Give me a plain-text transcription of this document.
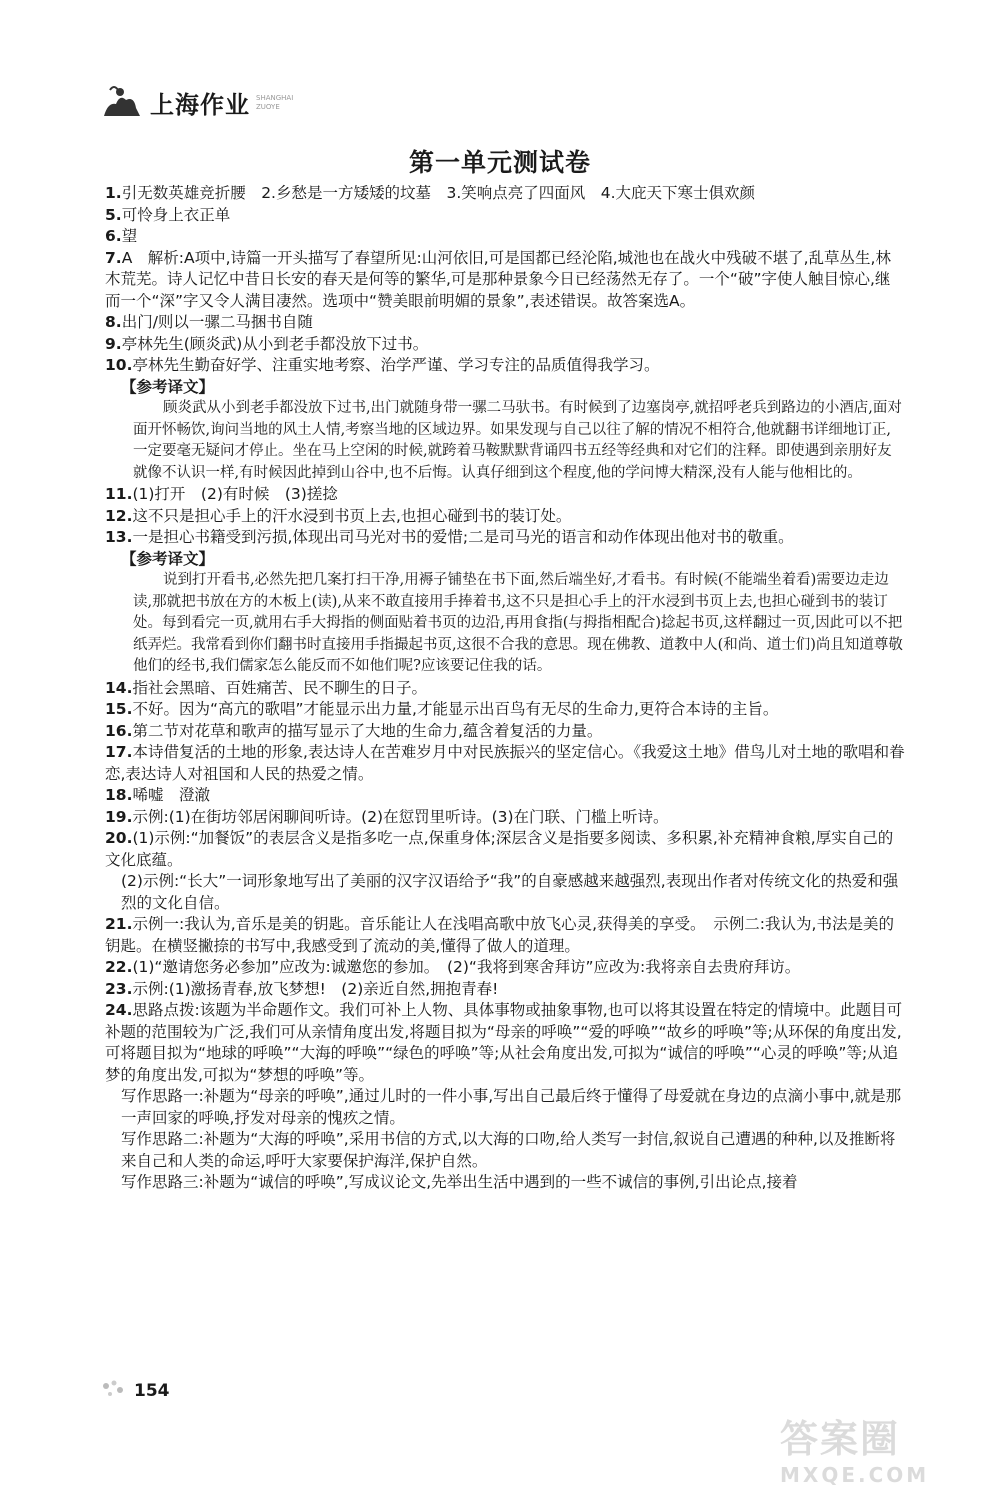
上海作业 SHANGHAI ZUOYE
第一单元测试卷
1.引无数英雄竞折腰　2.乡愁是一方矮矮的坟墓　3.笑响点亮了四面风　4.大庇天下寒士俱欢颜
5.可怜身上衣正单
6.望
7.A　解析:A项中,诗篇一开头描写了春望所见:山河依旧,可是国都已经沦陷,城池也在战火中残破不堪了,乱草丛生,林木荒芜。诗人记忆中昔日长安的春天是何等的繁华,可是那种景象今日已经荡然无存了。一个“破”字使人触目惊心,继而一个“深”字又令人满目凄然。选项中“赞美眼前明媚的景象”,表述错误。故答案选A。
8.出门/则以一骡二马捆书自随
9.亭林先生(顾炎武)从小到老手都没放下过书。
10.亭林先生勤奋好学、注重实地考察、治学严谨、学习专注的品质值得我学习。
【参考译文】
顾炎武从小到老手都没放下过书,出门就随身带一骡二马驮书。有时候到了边塞岗亭,就招呼老兵到路边的小酒店,面对面开怀畅饮,询问当地的风土人情,考察当地的区域边界。如果发现与自己以往了解的情况不相符合,他就翻书详细地订正,一定要毫无疑问才停止。坐在马上空闲的时候,就跨着马鞍默默背诵四书五经等经典和对它们的注释。即使遇到亲朋好友就像不认识一样,有时候因此掉到山谷中,也不后悔。认真仔细到这个程度,他的学问博大精深,没有人能与他相比的。
11.(1)打开　(2)有时候　(3)搓捻
12.这不只是担心手上的汗水浸到书页上去,也担心碰到书的装订处。
13.一是担心书籍受到污损,体现出司马光对书的爱惜;二是司马光的语言和动作体现出他对书的敬重。
【参考译文】
说到打开看书,必然先把几案打扫干净,用褥子铺垫在书下面,然后端坐好,才看书。有时候(不能端坐着看)需要边走边读,那就把书放在方的木板上(读),从来不敢直接用手捧着书,这不只是担心手上的汗水浸到书页上去,也担心碰到书的装订处。每到看完一页,就用右手大拇指的侧面贴着书页的边沿,再用食指(与拇指相配合)捻起书页,这样翻过一页,因此可以不把纸弄烂。我常看到你们翻书时直接用手指撮起书页,这很不合我的意思。现在佛教、道教中人(和尚、道士们)尚且知道尊敬他们的经书,我们儒家怎么能反而不如他们呢?应该要记住我的话。
14.指社会黑暗、百姓痛苦、民不聊生的日子。
15.不好。因为“高亢的歌唱”才能显示出力量,才能显示出百鸟有无尽的生命力,更符合本诗的主旨。
16.第二节对花草和歌声的描写显示了大地的生命力,蕴含着复活的力量。
17.本诗借复活的土地的形象,表达诗人在苦难岁月中对民族振兴的坚定信心。《我爱这土地》借鸟儿对土地的歌唱和眷恋,表达诗人对祖国和人民的热爱之情。
18.唏嘘　澄澈
19.示例:(1)在街坊邻居闲聊间听诗。(2)在愆罚里听诗。(3)在门联、门槛上听诗。
20.(1)示例:“加餐饭”的表层含义是指多吃一点,保重身体;深层含义是指要多阅读、多积累,补充精神食粮,厚实自己的文化底蕴。
(2)示例:“长大”一词形象地写出了美丽的汉字汉语给予“我”的自豪感越来越强烈,表现出作者对传统文化的热爱和强烈的文化自信。
21.示例一:我认为,音乐是美的钥匙。音乐能让人在浅唱高歌中放飞心灵,获得美的享受。　示例二:我认为,书法是美的钥匙。在横竖撇捺的书写中,我感受到了流动的美,懂得了做人的道理。
22.(1)“邀请您务必参加”应改为:诚邀您的参加。　(2)“我将到寒舍拜访”应改为:我将亲自去贵府拜访。
23.示例:(1)激扬青春,放飞梦想!　(2)亲近自然,拥抱青春!
24.思路点拨:该题为半命题作文。我们可补上人物、具体事物或抽象事物,也可以将其设置在特定的情境中。此题目可补题的范围较为广泛,我们可从亲情角度出发,将题目拟为“母亲的呼唤”“爱的呼唤”“故乡的呼唤”等;从环保的角度出发,可将题目拟为“地球的呼唤”“大海的呼唤”“绿色的呼唤”等;从社会角度出发,可拟为“诚信的呼唤”“心灵的呼唤”等;从追梦的角度出发,可拟为“梦想的呼唤”等。
写作思路一:补题为“母亲的呼唤”,通过儿时的一件小事,写出自己最后终于懂得了母爱就在身边的点滴小事中,就是那一声回家的呼唤,抒发对母亲的愧疚之情。
写作思路二:补题为“大海的呼唤”,采用书信的方式,以大海的口吻,给人类写一封信,叙说自己遭遇的种种,以及推断将来自己和人类的命运,呼吁大家要保护海洋,保护自然。
写作思路三:补题为“诚信的呼唤”,写成议论文,先举出生活中遇到的一些不诚信的事例,引出论点,接着
154
答案圈
MXQE.COM
